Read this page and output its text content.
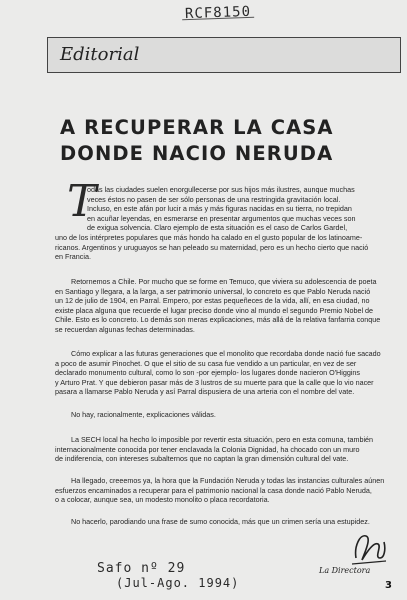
RCF8150
Editorial
A RECUPERAR LA CASA
DONDE NACIO NERUDA
T
odas las ciudades suelen enorgullecerse por sus hijos más ilustres, aunque muchas
veces éstos no pasen de ser sólo personas de una restringida gravitación local.
Incluso, en este afán por lucir a más y más figuras nacidas en su tierra, no trepidan
en acuñar leyendas, en esmerarse en presentar argumentos que muchas veces son
de exigua solvencia. Claro ejemplo de esta situación es el caso de Carlos Gardel,
uno de los intérpretes populares que más hondo ha calado en el gusto popular de los latinoame-
ricanos. Argentinos y uruguayos se han peleado su maternidad, pero es un hecho cierto que nació
en Francia.
Retornemos a Chile. Por mucho que se forme en Temuco, que viviera su adolescencia de poeta
en Santiago y llegara, a la larga, a ser patrimonio universal, lo concreto es que Pablo Neruda nació
un 12 de julio de 1904, en Parral. Empero, por estas pequeñeces de la vida, allí, en esa ciudad, no
existe placa alguna que recuerde el lugar preciso donde vino al mundo el segundo Premio Nobel de
Chile. Esto es lo concreto. Lo demás son meras explicaciones, más allá de la relativa fanfarria conque
se recuerdan algunas fechas determinadas.
Cómo explicar a las futuras generaciones que el monolito que recordaba donde nació fue sacado
a poco de asumir Pinochet. O que el sitio de su casa fue vendido a un particular, en vez de ser
declarado monumento cultural, como lo son -por ejemplo- los lugares donde nacieron O'Higgins
y Arturo Prat. Y que debieron pasar más de 3 lustros de su muerte para que la calle que lo vio nacer
pasara a llamarse Pablo Neruda y así Parral dispusiera de una arteria con el nombre del vate.
No hay, racionalmente, explicaciones válidas.
La SECH local ha hecho lo imposible por revertir esta situación, pero en esta comuna, también
internacionalmente conocida por tener enclavada la Colonia Dignidad, ha chocado con un muro
de indiferencia, con intereses subalternos que no captan la gran dimensión cultural del vate.
Ha llegado, creeemos ya, la hora que la Fundación Neruda y todas las instancias culturales aúnen
esfuerzos encaminados a recuperar para el patrimonio nacional la casa donde nació Pablo Neruda,
o a colocar, aunque sea, un modesto monolito o placa recordatoria.
No hacerlo, parodiando una frase de sumo conocida, más que un crimen sería una estupidez.
La Directora
3
Safo nº 29
(Jul-Ago. 1994)
